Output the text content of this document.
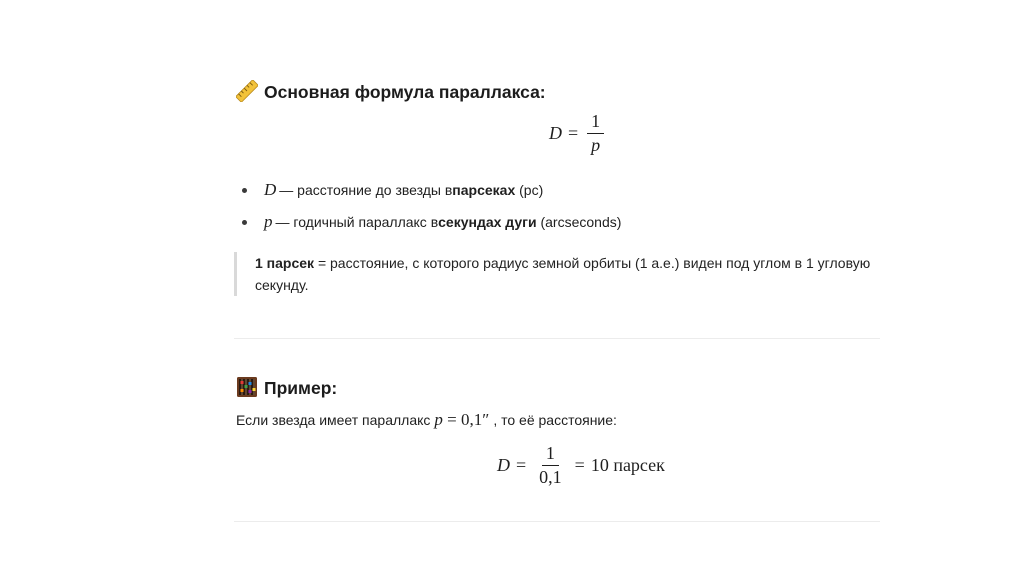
Основная формула параллакса:
$D = \frac{1}{p}$
D — расстояние до звезды в парсеках (pc)
p — годичный параллакс в секундах дуги (arcseconds)
1 парсек = расстояние, с которого радиус земной орбиты (1 а.е.) виден под углом в 1 угловую секунду.
Пример:
Если звезда имеет параллакс p = 0,1″ , то её расстояние:
$D = \frac{1}{0,1} = 10$ парсек
